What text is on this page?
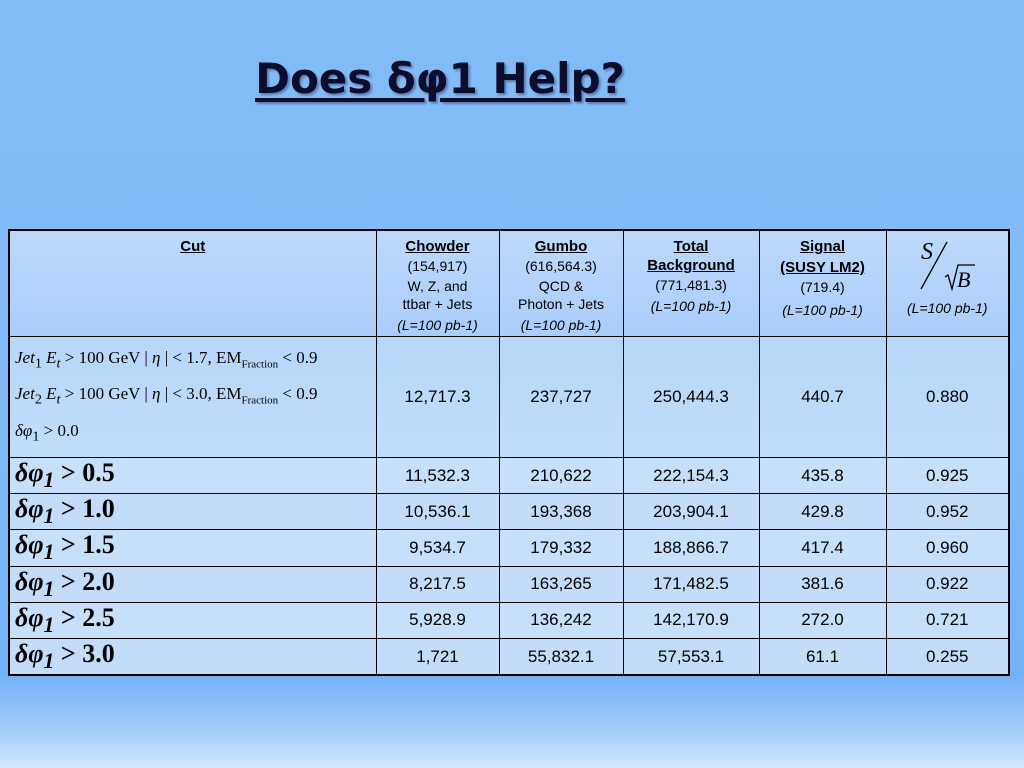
Does δφ1 Help?
Cut	Chowder
(154,917)
W, Z, and
ttbar + Jets
(L=100 pb-1)	Gumbo
(616,564.3)
QCD &
Photon + Jets
(L=100 pb-1)	Total
Background
(771,481.3)
(L=100 pb-1)	Signal
(SUSY LM2)
(719.4)
(L=100 pb-1)	S
B
(L=100 pb-1)

Jet$_1$ $E_t > 100$ GeV | η | < 1.7, $EM_{Fraction} < 0.9$
Jet$_2$ $E_t > 100$ GeV | η | < 3.0, $EM_{Fraction} < 0.9$
$\delta\varphi_1 > 0.0$	12,717.3	237,727	250,444.3	440.7	0.880
$\delta\varphi_1 > 0.5$	11,532.3	210,622	222,154.3	435.8	0.925
$\delta\varphi_1 > 1.0$	10,536.1	193,368	203,904.1	429.8	0.952
$\delta\varphi_1 > 1.5$	9,534.7	179,332	188,866.7	417.4	0.960
$\delta\varphi_1 > 2.0$	8,217.5	163,265	171,482.5	381.6	0.922
$\delta\varphi_1 > 2.5$	5,928.9	136,242	142,170.9	272.0	0.721
$\delta\varphi_1 > 3.0$	1,721	55,832.1	57,553.1	61.1	0.255
